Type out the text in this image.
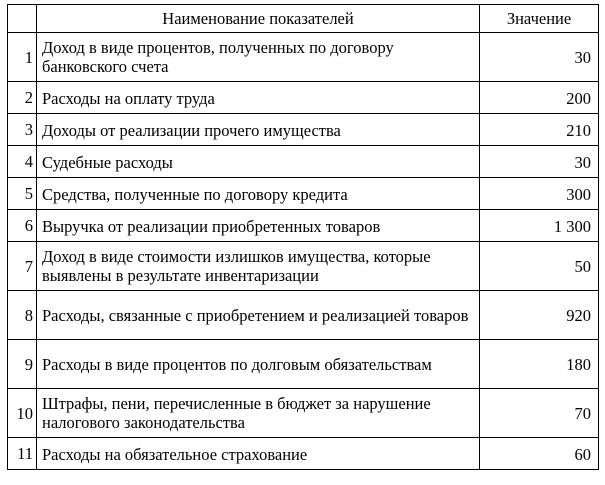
	Наименование показателей	Значение
1	Доход в виде процентов, полученных по договору банковского счета	30
2	Расходы на оплату труда	200
3	Доходы от реализации прочего имущества	210
4	Судебные расходы	30
5	Средства, полученные по договору кредита	300
6	Выручка от реализации приобретенных товаров	1 300
7	Доход в виде стоимости излишков имущества, которые выявлены в результате инвентаризации	50
8	Расходы, связанные с приобретением и реализацией товаров	920
9	Расходы в виде процентов по долговым обязательствам	180
10	Штрафы, пени, перечисленные в бюджет за нарушение налогового законодательства	70
11	Расходы на обязательное страхование	60
